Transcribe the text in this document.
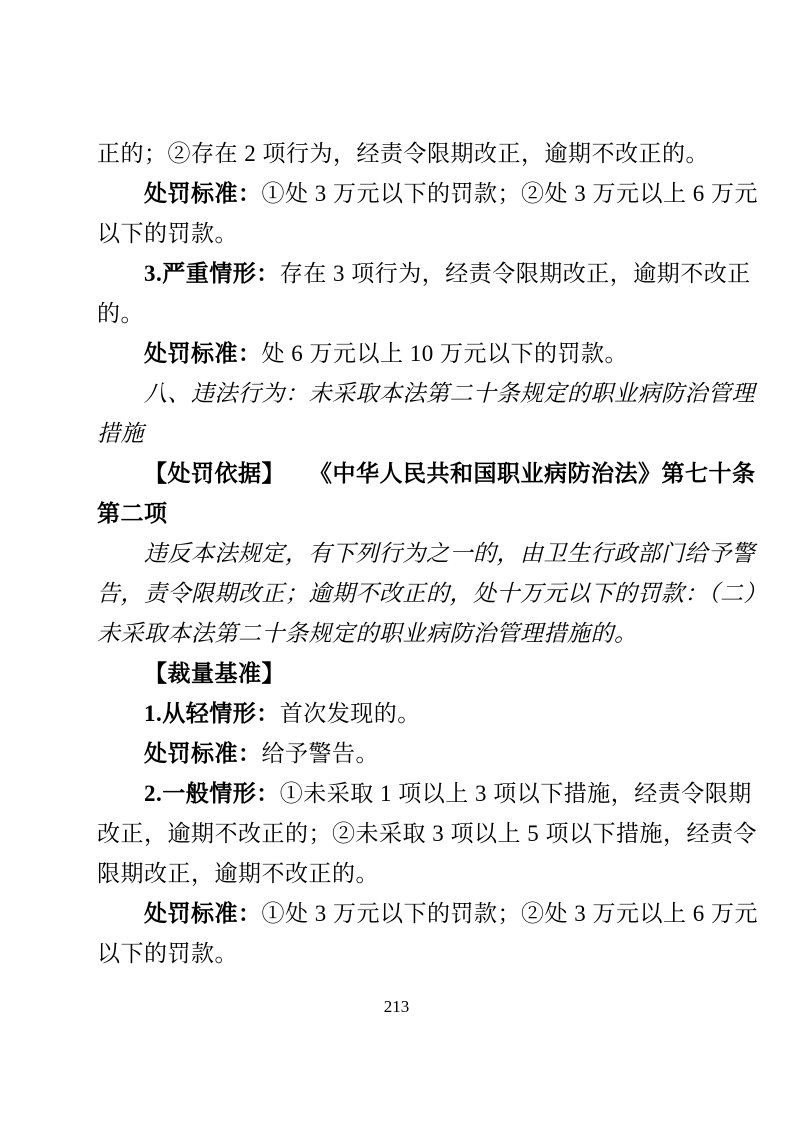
正的；②存在 2 项行为，经责令限期改正，逾期不改正的。
处罚标准：①处 3 万元以下的罚款；②处 3 万元以上 6 万元
以下的罚款。
3.严重情形：存在 3 项行为，经责令限期改正，逾期不改正
的。
处罚标准：处 6 万元以上 10 万元以下的罚款。
八、违法行为：未采取本法第二十条规定的职业病防治管理
措施
【处罚依据】　　《中华人民共和国职业病防治法》第七十条
第二项
违反本法规定，有下列行为之一的，由卫生行政部门给予警
告，责令限期改正；逾期不改正的，处十万元以下的罚款：（二）
未采取本法第二十条规定的职业病防治管理措施的。
【裁量基准】
1.从轻情形：首次发现的。
处罚标准：给予警告。
2.一般情形：①未采取 1 项以上 3 项以下措施，经责令限期
改正，逾期不改正的；②未采取 3 项以上 5 项以下措施，经责令
限期改正，逾期不改正的。
处罚标准：①处 3 万元以下的罚款；②处 3 万元以上 6 万元
以下的罚款。
213
